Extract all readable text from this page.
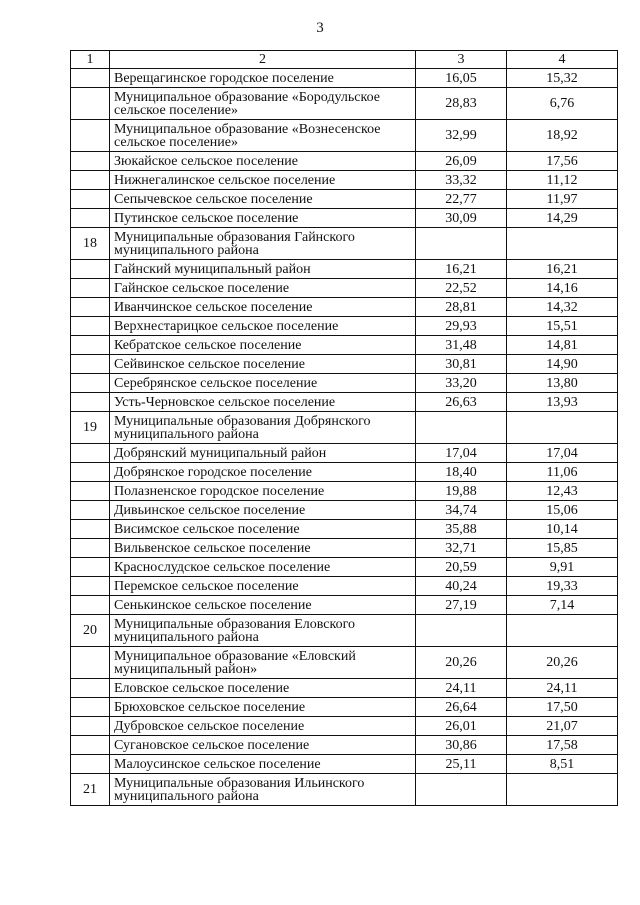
3
1	2	3	4
	Верещагинское городское поселение	16,05	15,32
	Муниципальное образование «Бородульское сельское поселение»	28,83	6,76
	Муниципальное образование «Вознесенское сельское поселение»	32,99	18,92
	Зюкайское сельское поселение	26,09	17,56
	Нижнегалинское сельское поселение	33,32	11,12
	Сепычевское сельское поселение	22,77	11,97
	Путинское сельское поселение	30,09	14,29
18	Муниципальные образования Гайнского муниципального района		
	Гайнский муниципальный район	16,21	16,21
	Гайнское сельское поселение	22,52	14,16
	Иванчинское сельское поселение	28,81	14,32
	Верхнестарицкое сельское поселение	29,93	15,51
	Кебратское сельское поселение	31,48	14,81
	Сейвинское сельское поселение	30,81	14,90
	Серебрянское сельское поселение	33,20	13,80
	Усть-Черновское сельское поселение	26,63	13,93
19	Муниципальные образования Добрянского муниципального района		
	Добрянский муниципальный район	17,04	17,04
	Добрянское городское поселение	18,40	11,06
	Полазненское городское поселение	19,88	12,43
	Дивьинское сельское поселение	34,74	15,06
	Висимское сельское поселение	35,88	10,14
	Вильвенское сельское поселение	32,71	15,85
	Краснослудское сельское поселение	20,59	9,91
	Перемское сельское поселение	40,24	19,33
	Сенькинское сельское поселение	27,19	7,14
20	Муниципальные образования Еловского муниципального района		
	Муниципальное образование «Еловский муниципальный район»	20,26	20,26
	Еловское сельское поселение	24,11	24,11
	Брюховское сельское поселение	26,64	17,50
	Дубровское сельское поселение	26,01	21,07
	Сугановское сельское поселение	30,86	17,58
	Малоусинское сельское поселение	25,11	8,51
21	Муниципальные образования Ильинского муниципального района		
